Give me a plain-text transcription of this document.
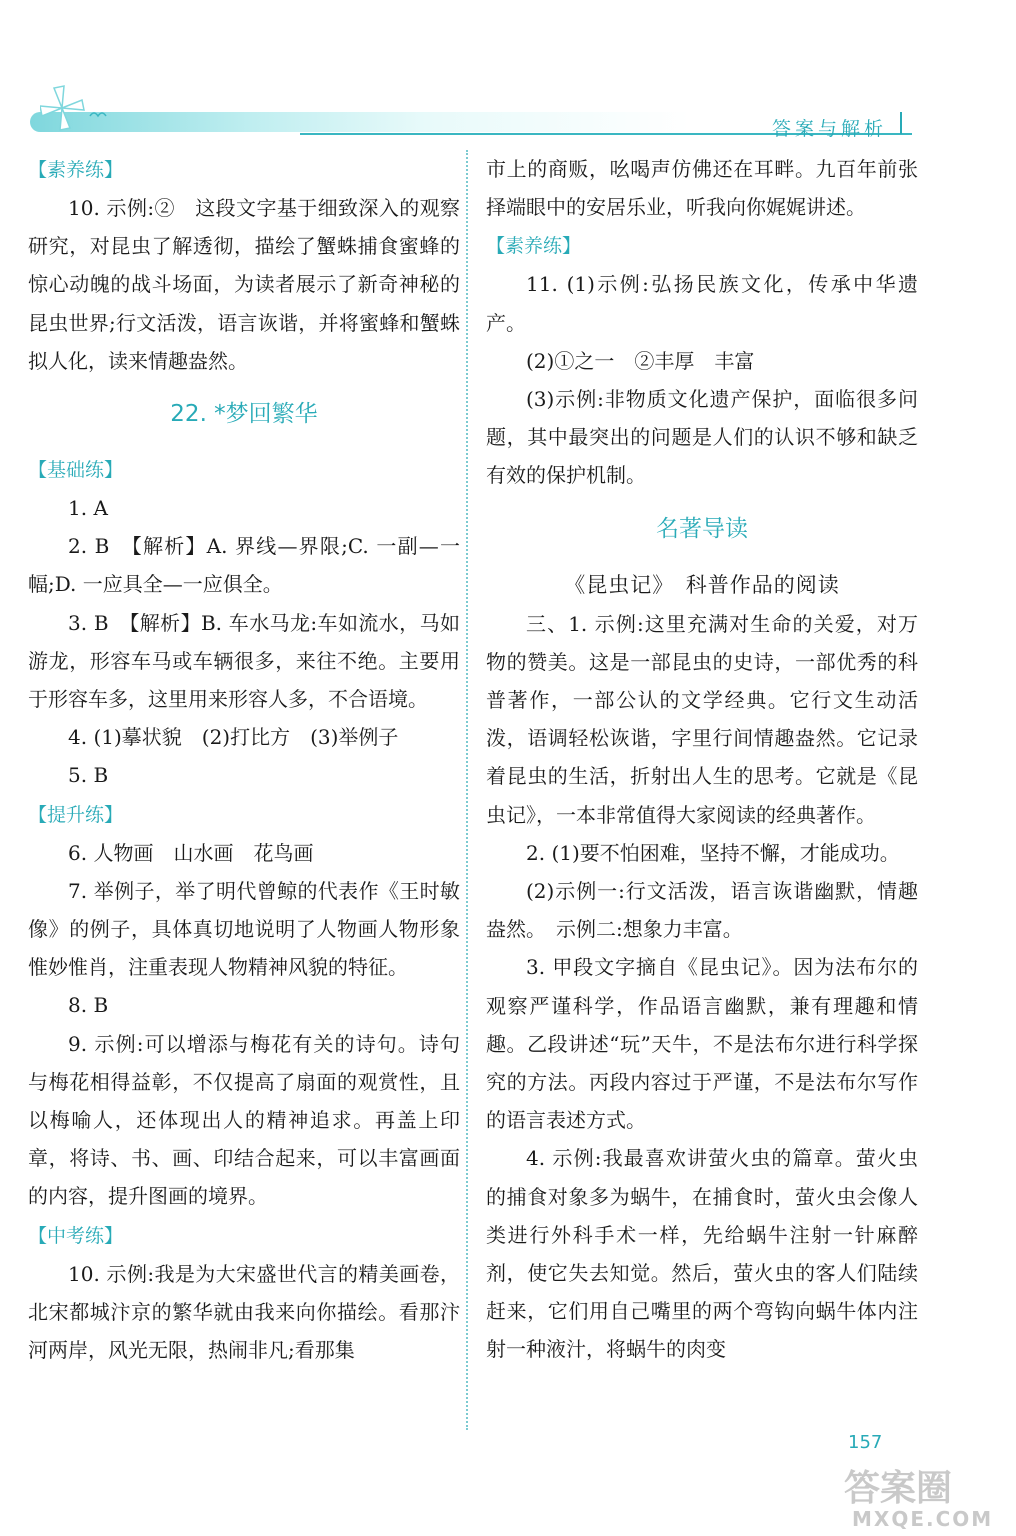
答案与解析

【素养练】

10. 示例:②　这段文字基于细致深入的观察研究，对昆虫了解透彻，描绘了蟹蛛捕食蜜蜂的惊心动魄的战斗场面，为读者展示了新奇神秘的昆虫世界;行文活泼，语言诙谐，并将蜜蜂和蟹蛛拟人化，读来情趣盎然。

22. *梦回繁华

【基础练】

1. A

2. B　【解析】A. 界线—界限;C. 一副—一幅;D. 一应具全—一应俱全。

3. B　【解析】B. 车水马龙:车如流水，马如游龙，形容车马或车辆很多，来往不绝。主要用于形容车多，这里用来形容人多，不合语境。

4. (1)摹状貌　(2)打比方　(3)举例子

5. B

【提升练】

6. 人物画　山水画　花鸟画

7. 举例子，举了明代曾鲸的代表作《王时敏像》的例子，具体真切地说明了人物画人物形象惟妙惟肖，注重表现人物精神风貌的特征。

8. B

9. 示例:可以增添与梅花有关的诗句。诗句与梅花相得益彰，不仅提高了扇面的观赏性，且以梅喻人，还体现出人的精神追求。再盖上印章，将诗、书、画、印结合起来，可以丰富画面的内容，提升图画的境界。

【中考练】

10. 示例:我是为大宋盛世代言的精美画卷，北宋都城汴京的繁华就由我来向你描绘。看那汴河两岸，风光无限，热闹非凡;看那集

市上的商贩，吆喝声仿佛还在耳畔。九百年前张择端眼中的安居乐业，听我向你娓娓讲述。

【素养练】

11. (1)示例:弘扬民族文化，传承中华遗产。

(2)①之一　②丰厚　丰富

(3)示例:非物质文化遗产保护，面临很多问题，其中最突出的问题是人们的认识不够和缺乏有效的保护机制。

名著导读
《昆虫记》　科普作品的阅读

三、1. 示例:这里充满对生命的关爱，对万物的赞美。这是一部昆虫的史诗，一部优秀的科普著作，一部公认的文学经典。它行文生动活泼，语调轻松诙谐，字里行间情趣盎然。它记录着昆虫的生活，折射出人生的思考。它就是《昆虫记》，一本非常值得大家阅读的经典著作。

2. (1)要不怕困难，坚持不懈，才能成功。

(2)示例一:行文活泼，语言诙谐幽默，情趣盎然。　示例二:想象力丰富。

3. 甲段文字摘自《昆虫记》。因为法布尔的观察严谨科学，作品语言幽默，兼有理趣和情趣。乙段讲述“玩”天牛，不是法布尔进行科学探究的方法。丙段内容过于严谨，不是法布尔写作的语言表述方式。

4. 示例:我最喜欢讲萤火虫的篇章。萤火虫的捕食对象多为蜗牛，在捕食时，萤火虫会像人类进行外科手术一样，先给蜗牛注射一针麻醉剂，使它失去知觉。然后，萤火虫的客人们陆续赶来，它们用自己嘴里的两个弯钩向蜗牛体内注射一种液汁，将蜗牛的肉变

157
答案圈
MXQE.COM
